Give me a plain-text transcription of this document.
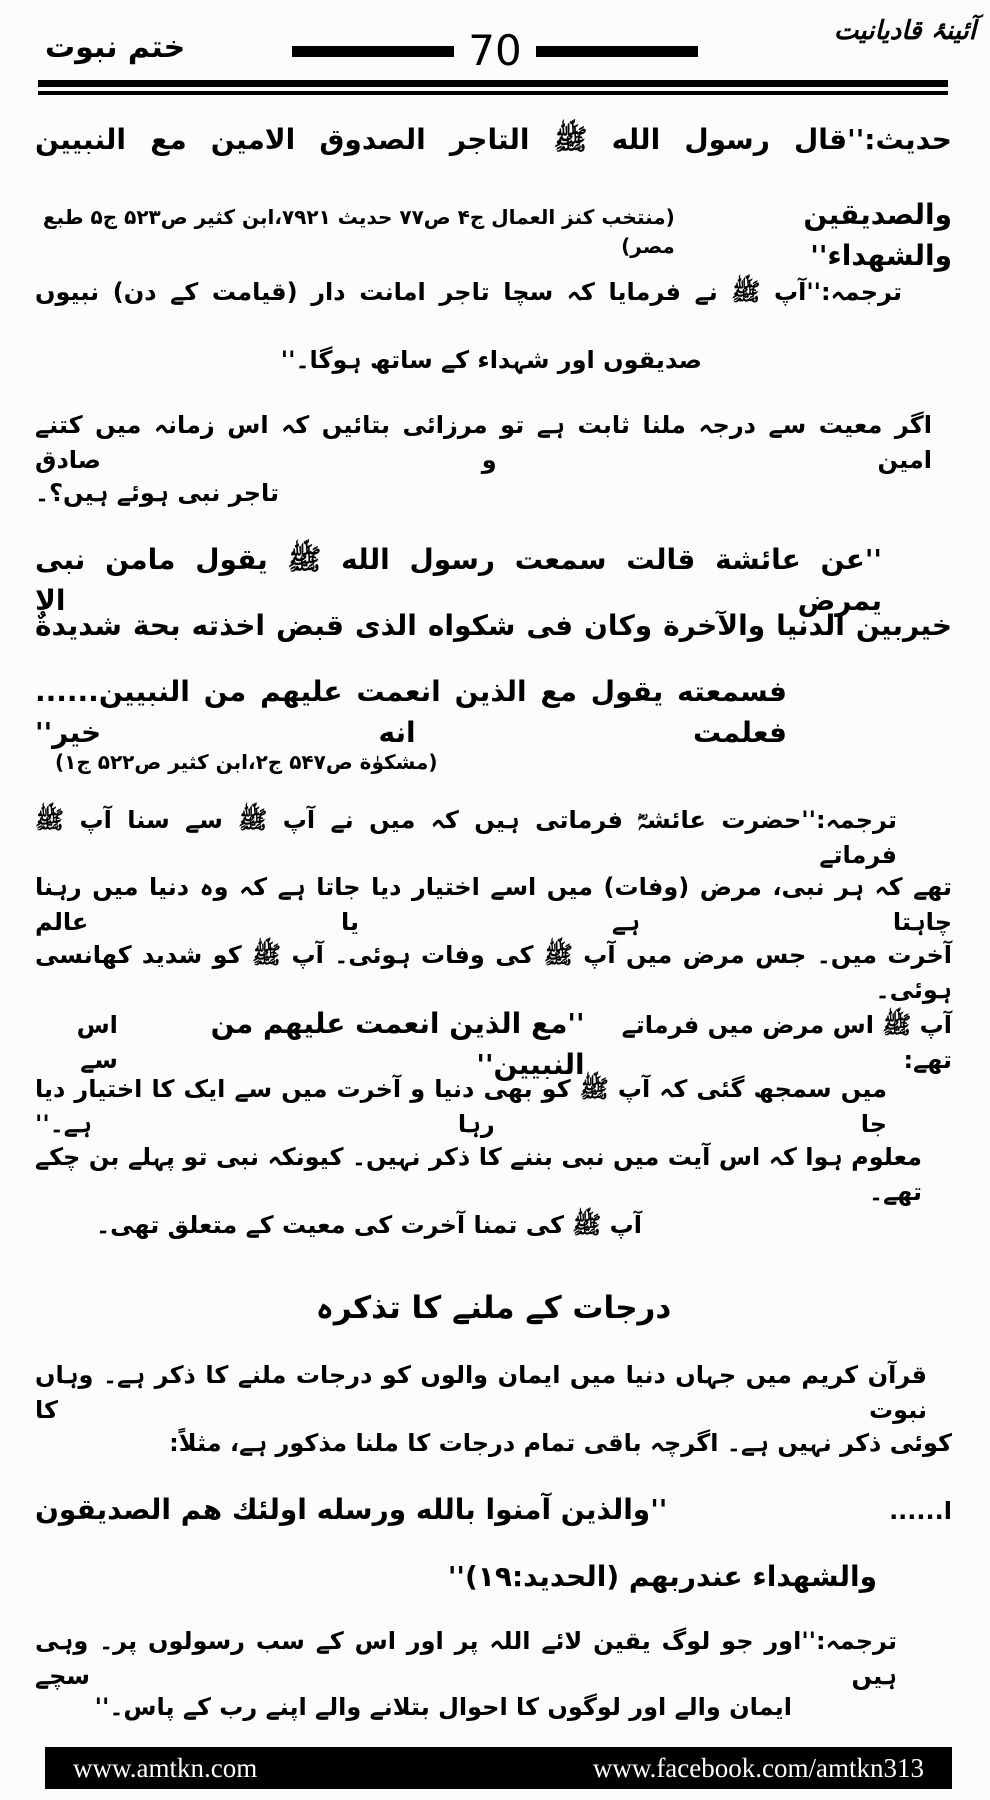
آئینۂ قادیانیت
70
ختم نبوت
حدیث:''قال رسول الله ﷺ التاجر الصدوق الامین مع النبیین
والصدیقین والشهداء''
(منتخب کنز العمال ج۴ ص۷۷ حدیث ۷۹۲۱،ابن کثیر ص۵۲۳ ج۵ طبع مصر)
ترجمہ:''آپ ﷺ نے فرمایا کہ سچا تاجر امانت دار (قیامت کے دن) نبیوں
صدیقوں اور شہداء کے ساتھ ہوگا۔''
اگر معیت سے درجہ ملنا ثابت ہے تو مرزائی بتائیں کہ اس زمانہ میں کتنے امین و صادق
تاجر نبی ہوئے ہیں؟۔
''عن عائشة قالت سمعت رسول الله ﷺ یقول مامن نبی یمرض الا
خیربین الدنیا والآخرة وکان فی شکواه الذی قبض اخذته بحة شدیدةٌ
فسمعته یقول مع الذین انعمت علیهم من النبیین...... فعلمت انه خیر''
(مشکوٰة ص۵۴۷ ج۲،ابن کثیر ص۵۲۲ ج۱)
ترجمہ:''حضرت عائشہؓ فرماتی ہیں کہ میں نے آپ ﷺ سے سنا آپ ﷺ فرماتے
تھے کہ ہر نبی، مرض (وفات) میں اسے اختیار دیا جاتا ہے کہ وہ دنیا میں رہنا چاہتا ہے یا عالم
آخرت میں۔ جس مرض میں آپ ﷺ کی وفات ہوئی۔ آپ ﷺ کو شدید کھانسی ہوئی۔
آپ ﷺ اس مرض میں فرماتے تھے:
''مع الذین انعمت علیهم من النبیین''
اس سے
میں سمجھ گئی کہ آپ ﷺ کو بھی دنیا و آخرت میں سے ایک کا اختیار دیا جا رہا ہے۔''
معلوم ہوا کہ اس آیت میں نبی بننے کا ذکر نہیں۔ کیونکہ نبی تو پہلے بن چکے تھے۔
آپ ﷺ کی تمنا آخرت کی معیت کے متعلق تھی۔
درجات کے ملنے کا تذکرہ
قرآن کریم میں جہاں دنیا میں ایمان والوں کو درجات ملنے کا ذکر ہے۔ وہاں نبوت کا
کوئی ذکر نہیں ہے۔ اگرچہ باقی تمام درجات کا ملنا مذکور ہے، مثلاً:
ا......
''والذین آمنوا بالله ورسله اولئك هم الصدیقون
والشهداء عندربهم (الحدید:۱۹)''
ترجمہ:''اور جو لوگ یقین لائے اللہ پر اور اس کے سب رسولوں پر۔ وہی ہیں سچے
ایمان والے اور لوگوں کا احوال بتلانے والے اپنے رب کے پاس۔''
www.amtkn.com	www.facebook.com/amtkn313
